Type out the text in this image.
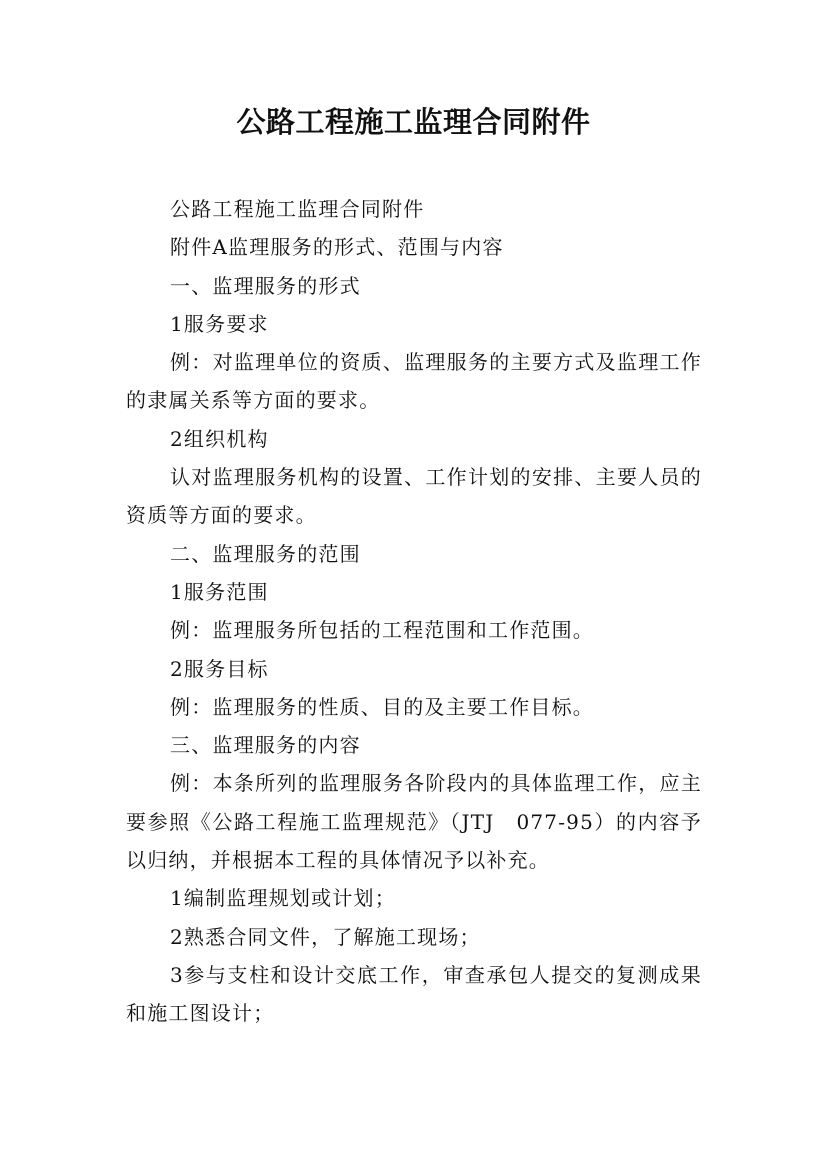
公路工程施工监理合同附件

公路工程施工监理合同附件

附件A监理服务的形式、范围与内容

一、监理服务的形式

1服务要求

例：对监理单位的资质、监理服务的主要方式及监理工作的隶属关系等方面的要求。

2组织机构

认对监理服务机构的设置、工作计划的安排、主要人员的资质等方面的要求。

二、监理服务的范围

1服务范围

例：监理服务所包括的工程范围和工作范围。

2服务目标

例：监理服务的性质、目的及主要工作目标。

三、监理服务的内容

例：本条所列的监理服务各阶段内的具体监理工作，应主要参照《公路工程施工监理规范》（JTJ　077-95）的内容予以归纳，并根据本工程的具体情况予以补充。

1编制监理规划或计划；

2熟悉合同文件，了解施工现场；

3参与支柱和设计交底工作，审查承包人提交的复测成果和施工图设计；
